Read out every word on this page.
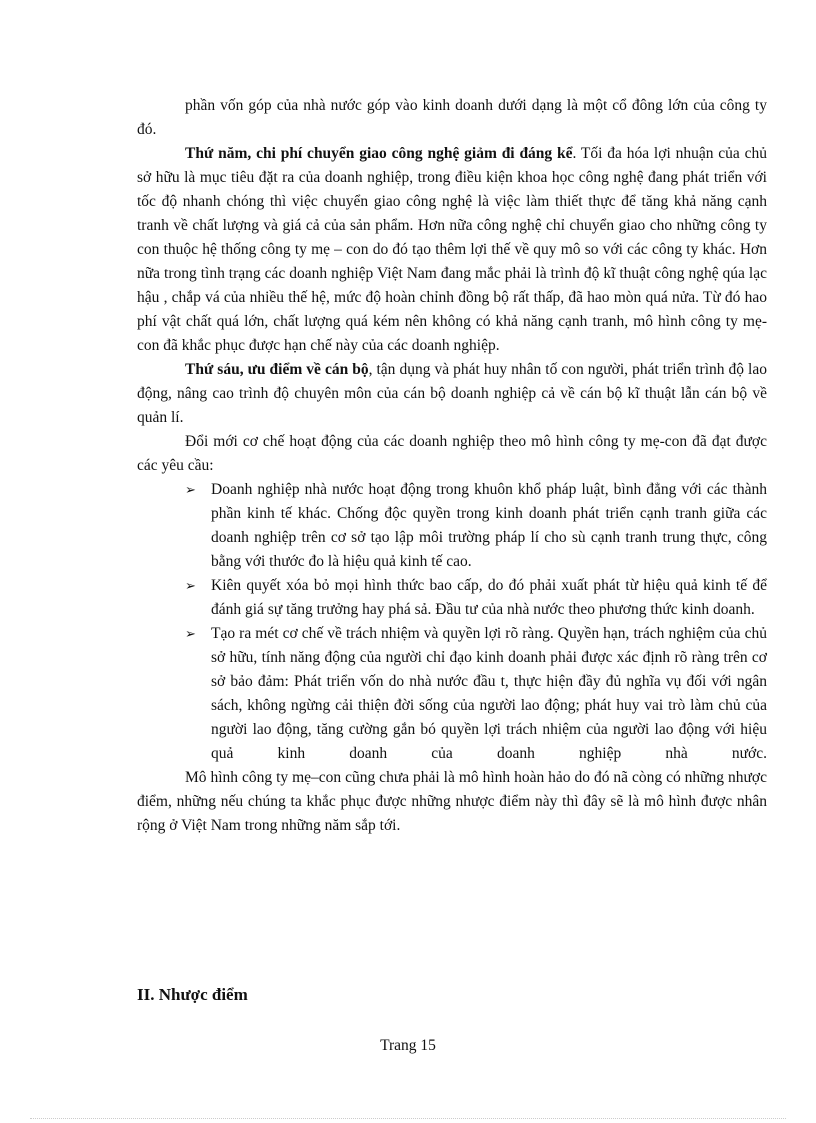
phần vốn góp của nhà nước góp vào kinh doanh dưới dạng là một cổ đông lớn của công ty đó.

Thứ năm, chi phí chuyển giao công nghệ giảm đi đáng kể. Tối đa hóa lợi nhuận của chủ sở hữu là mục tiêu đặt ra của doanh nghiệp, trong điều kiện khoa học công nghệ đang phát triển với tốc độ nhanh chóng thì việc chuyển giao công nghệ là việc làm thiết thực để tăng khả năng cạnh tranh về chất lượng và giá cả của sản phẩm. Hơn nữa công nghệ chỉ chuyển giao cho những công ty con thuộc hệ thống công ty mẹ – con do đó tạo thêm lợi thế về quy mô so với các công ty khác. Hơn nữa trong tình trạng các doanh nghiệp Việt Nam đang mắc phải là trình độ kĩ thuật công nghệ qúa lạc hậu , chắp vá của nhiều thế hệ, mức độ hoàn chỉnh đồng bộ rất thấp, đã hao mòn quá nửa. Từ đó hao phí vật chất quá lớn, chất lượng quá kém nên không có khả năng cạnh tranh, mô hình công ty mẹ- con đã khắc phục được hạn chế này của các doanh nghiệp.

Thứ sáu, ưu điểm về cán bộ, tận dụng và phát huy nhân tố con người, phát triển trình độ lao động, nâng cao trình độ chuyên môn của cán bộ doanh nghiệp cả về cán bộ kĩ thuật lẫn cán bộ về quản lí.

Đổi mới cơ chế hoạt động của các doanh nghiệp theo mô hình công ty mẹ-con đã đạt được các yêu cầu:

➢ Doanh nghiệp nhà nước hoạt động trong khuôn khổ pháp luật, bình đẳng với các thành phần kinh tế khác. Chống độc quyền trong kinh doanh phát triển cạnh tranh giữa các doanh nghiệp trên cơ sở tạo lập môi trường pháp lí cho sù cạnh tranh trung thực, công bằng với thước đo là hiệu quả kinh tế cao.
➢ Kiên quyết xóa bỏ mọi hình thức bao cấp, do đó phải xuất phát từ hiệu quả kinh tế để đánh giá sự tăng trưởng hay phá sả. Đầu tư của nhà nước theo phương thức kinh doanh.
➢ Tạo ra mét cơ chế về trách nhiệm và quyền lợi rõ ràng. Quyền hạn, trách nghiệm của chủ sở hữu, tính năng động của người chỉ đạo kinh doanh phải được xác định rõ ràng trên cơ sở bảo đảm: Phát triển vốn do nhà nước đầu t, thực hiện đầy đủ nghĩa vụ đối với ngân sách, không ngừng cải thiện đời sống của người lao động; phát huy vai trò làm chủ của người lao động, tăng cường gắn bó quyền lợi trách nhiệm của người lao động với hiệu quả kinh doanh của doanh nghiệp nhà nước.

Mô hình công ty mẹ–con cũng chưa phải là mô hình hoàn hảo do đó nã còng có những nhược điểm, những nếu chúng ta khắc phục được những nhược điểm này thì đây sẽ là mô hình được nhân rộng ở Việt Nam trong những năm sắp tới.

II. Nhược điểm
Trang 15
